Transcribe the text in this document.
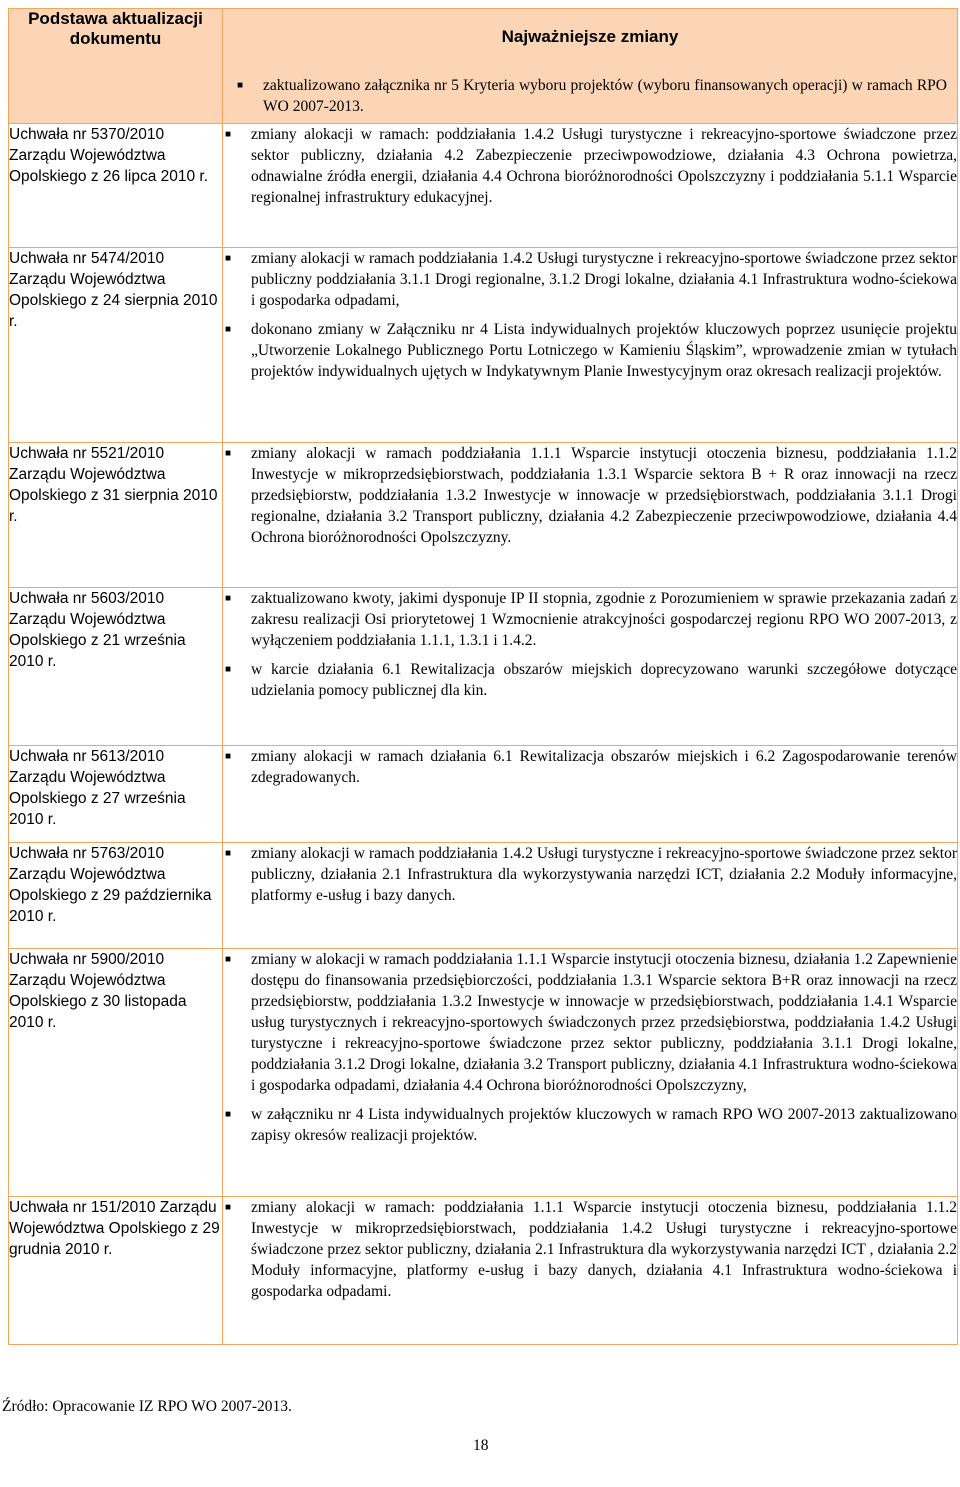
Podstawa aktualizacji dokumentu	Najważniejsze zmiany
■ zaktualizowano załącznika nr 5 Kryteria wyboru projektów (wyboru finansowanych operacji) w ramach RPO WO 2007-2013.

Uchwała nr 5370/2010 Zarządu Województwa Opolskiego z 26 lipca 2010 r.	■ zmiany alokacji w ramach: poddziałania 1.4.2 Usługi turystyczne i rekreacyjno-sportowe świadczone przez sektor publiczny, działania 4.2 Zabezpieczenie przeciwpowodziowe, działania 4.3 Ochrona powietrza, odnawialne źródła energii, działania 4.4 Ochrona bioróżnorodności Opolszczyzny i poddziałania 5.1.1 Wsparcie regionalnej infrastruktury edukacyjnej.

Uchwała nr 5474/2010 Zarządu Województwa Opolskiego z 24 sierpnia 2010 r.	■ zmiany alokacji w ramach poddziałania 1.4.2 Usługi turystyczne i rekreacyjno-sportowe świadczone przez sektor publiczny poddziałania 3.1.1 Drogi regionalne, 3.1.2 Drogi lokalne, działania 4.1 Infrastruktura wodno-ściekowa i gospodarka odpadami,
■ dokonano zmiany w Załączniku nr 4 Lista indywidualnych projektów kluczowych poprzez usunięcie projektu „Utworzenie Lokalnego Publicznego Portu Lotniczego w Kamieniu Śląskim”, wprowadzenie zmian w tytułach projektów indywidualnych ujętych w Indykatywnym Planie Inwestycyjnym oraz okresach realizacji projektów.

Uchwała nr 5521/2010 Zarządu Województwa Opolskiego z 31 sierpnia 2010 r.	■ zmiany alokacji w ramach poddziałania 1.1.1 Wsparcie instytucji otoczenia biznesu, poddziałania 1.1.2 Inwestycje w mikroprzedsiębiorstwach, poddziałania 1.3.1 Wsparcie sektora B + R oraz innowacji na rzecz przedsiębiorstw, poddziałania 1.3.2 Inwestycje w innowacje w przedsiębiorstwach, poddziałania 3.1.1 Drogi regionalne, działania 3.2 Transport publiczny, działania 4.2 Zabezpieczenie przeciwpowodziowe, działania 4.4 Ochrona bioróżnorodności Opolszczyzny.

Uchwała nr 5603/2010 Zarządu Województwa Opolskiego z 21 września 2010 r.	■ zaktualizowano kwoty, jakimi dysponuje IP II stopnia, zgodnie z Porozumieniem w sprawie przekazania zadań z zakresu realizacji Osi priorytetowej 1 Wzmocnienie atrakcyjności gospodarczej regionu RPO WO 2007-2013, z wyłączeniem poddziałania 1.1.1, 1.3.1 i 1.4.2.
■ w karcie działania 6.1 Rewitalizacja obszarów miejskich doprecyzowano warunki szczegółowe dotyczące udzielania pomocy publicznej dla kin.

Uchwała nr 5613/2010 Zarządu Województwa Opolskiego z 27 września 2010 r.	■ zmiany alokacji w ramach działania 6.1 Rewitalizacja obszarów miejskich i 6.2 Zagospodarowanie terenów zdegradowanych.

Uchwała nr 5763/2010 Zarządu Województwa Opolskiego z 29 października 2010 r.	■ zmiany alokacji w ramach poddziałania 1.4.2 Usługi turystyczne i rekreacyjno-sportowe świadczone przez sektor publiczny, działania 2.1 Infrastruktura dla wykorzystywania narzędzi ICT, działania 2.2 Moduły informacyjne, platformy e-usług i bazy danych.

Uchwała nr 5900/2010 Zarządu Województwa Opolskiego z 30 listopada 2010 r.	■ zmiany w alokacji w ramach poddziałania 1.1.1 Wsparcie instytucji otoczenia biznesu, działania 1.2 Zapewnienie dostępu do finansowania przedsiębiorczości, poddziałania 1.3.1 Wsparcie sektora B+R oraz innowacji na rzecz przedsiębiorstw, poddziałania 1.3.2 Inwestycje w innowacje w przedsiębiorstwach, poddziałania 1.4.1 Wsparcie usług turystycznych i rekreacyjno-sportowych świadczonych przez przedsiębiorstwa, poddziałania 1.4.2 Usługi turystyczne i rekreacyjno-sportowe świadczone przez sektor publiczny, poddziałania 3.1.1 Drogi lokalne, poddziałania 3.1.2 Drogi lokalne, działania 3.2 Transport publiczny, działania 4.1 Infrastruktura wodno-ściekowa i gospodarka odpadami, działania 4.4 Ochrona bioróżnorodności Opolszczyzny,
■ w załączniku nr 4 Lista indywidualnych projektów kluczowych w ramach RPO WO 2007-2013 zaktualizowano zapisy okresów realizacji projektów.

Uchwała nr 151/2010 Zarządu Województwa Opolskiego z 29 grudnia 2010 r.	■ zmiany alokacji w ramach: poddziałania 1.1.1 Wsparcie instytucji otoczenia biznesu, poddziałania 1.1.2 Inwestycje w mikroprzedsiębiorstwach, poddziałania 1.4.2 Usługi turystyczne i rekreacyjno-sportowe świadczone przez sektor publiczny, działania 2.1 Infrastruktura dla wykorzystywania narzędzi ICT , działania 2.2 Moduły informacyjne, platformy e-usług i bazy danych, działania 4.1 Infrastruktura wodno-ściekowa i gospodarka odpadami.
Źródło: Opracowanie IZ RPO WO 2007-2013.
18
